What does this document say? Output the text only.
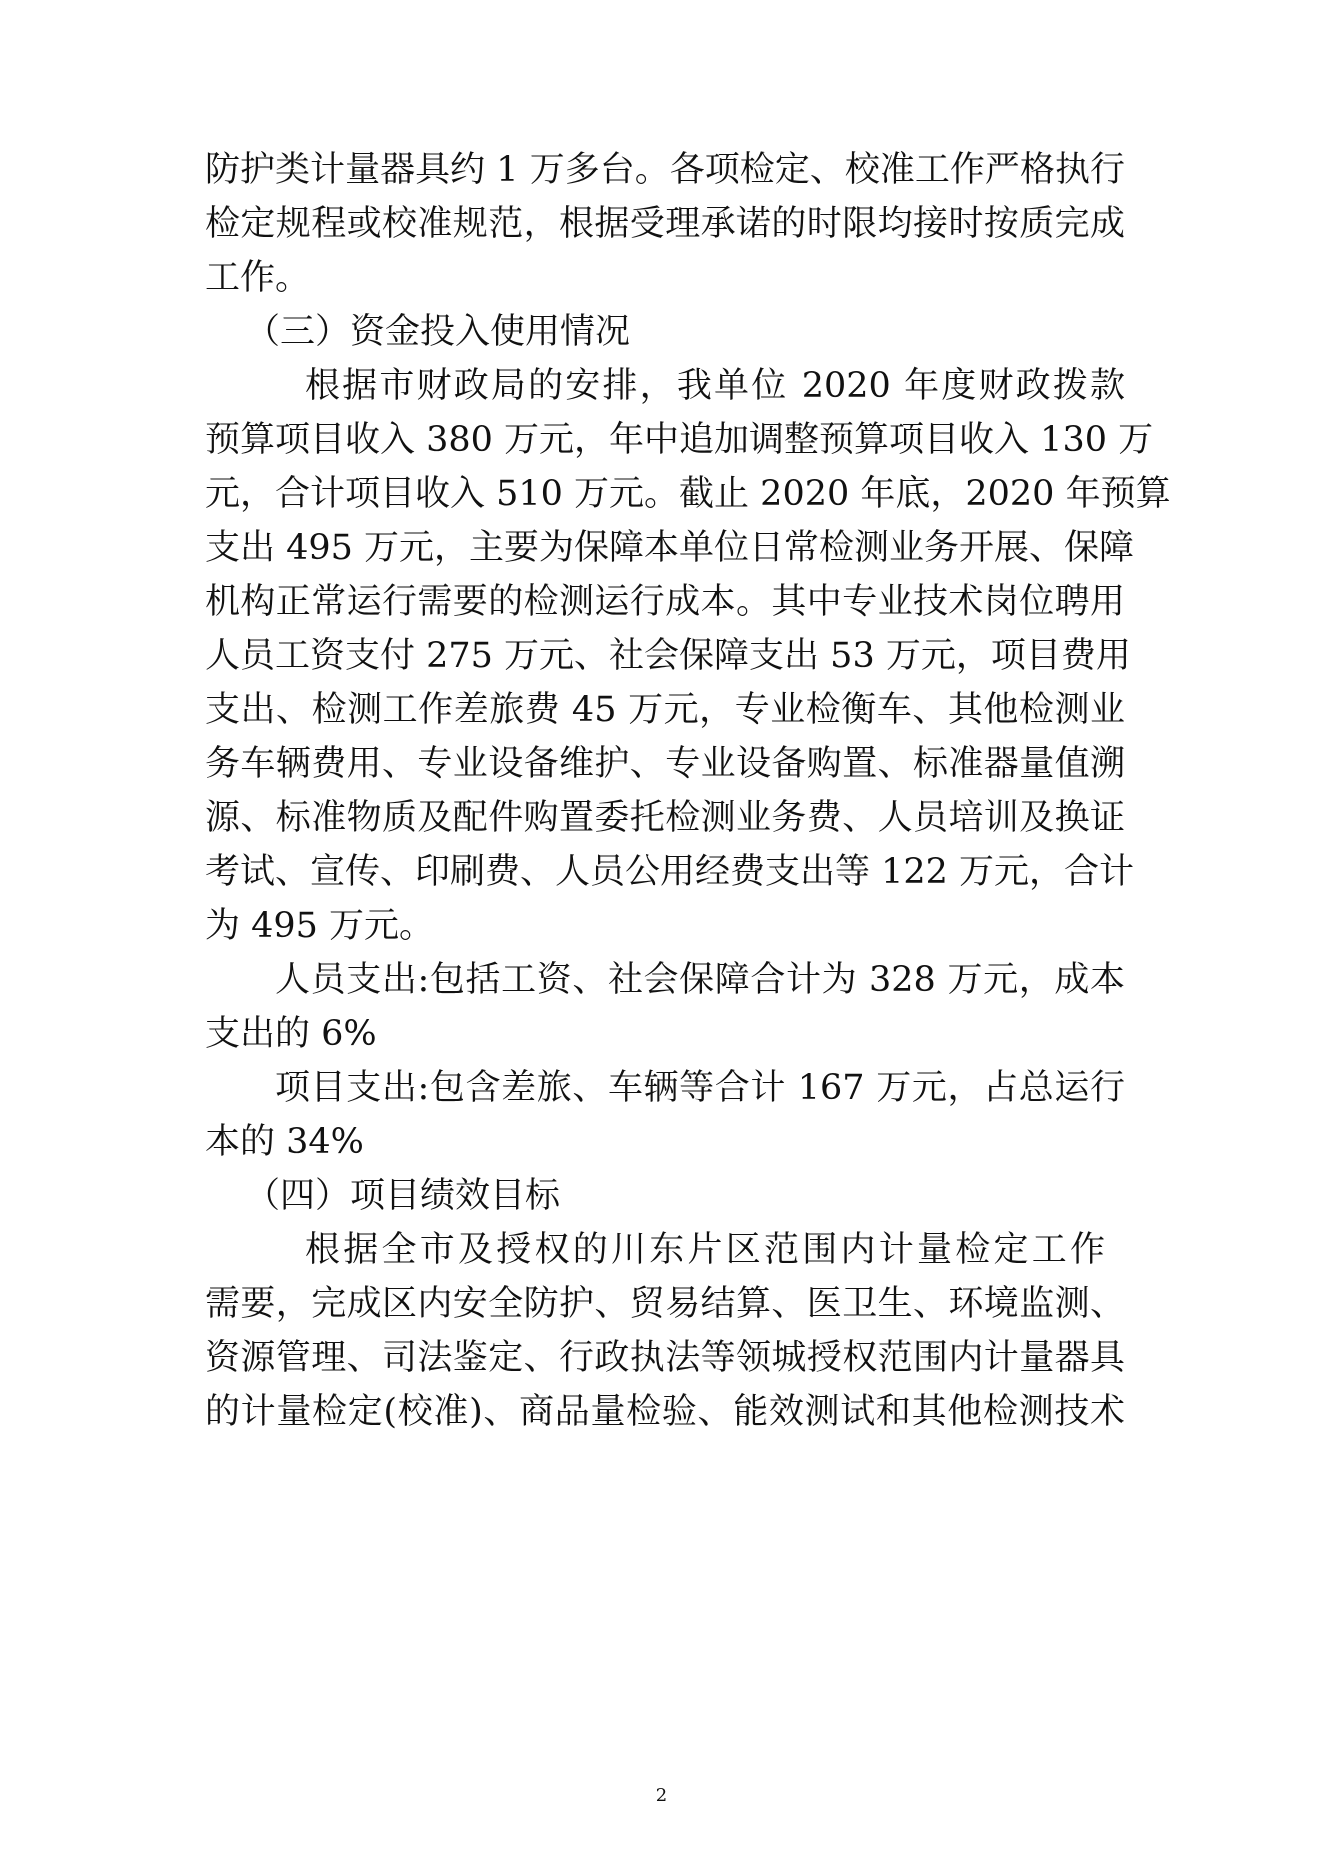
防护类计量器具约 1 万多台。各项检定、校准工作严格执行
检定规程或校准规范，根据受理承诺的时限均接时按质完成
工作。
（三）资金投入使用情况
根据市财政局的安排，我单位 2020 年度财政拨款
预算项目收入 380 万元，年中追加调整预算项目收入 130 万
元，合计项目收入 510 万元。截止 2020 年底，2020 年预算
支出 495 万元，主要为保障本单位日常检测业务开展、保障
机构正常运行需要的检测运行成本。其中专业技术岗位聘用
人员工资支付 275 万元、社会保障支出 53 万元，项目费用
支出、检测工作差旅费 45 万元，专业检衡车、其他检测业
务车辆费用、专业设备维护、专业设备购置、标准器量值溯
源、标准物质及配件购置委托检测业务费、人员培训及换证
考试、宣传、印刷费、人员公用经费支出等 122 万元，合计
为 495 万元。
人员支出:包括工资、社会保障合计为 328 万元，成本
支出的 6%
项目支出:包含差旅、车辆等合计 167 万元，占总运行
本的 34%
（四）项目绩效目标
根据全市及授权的川东片区范围内计量检定工作
需要，完成区内安全防护、贸易结算、医卫生、环境监测、
资源管理、司法鉴定、行政执法等领城授权范围内计量器具
的计量检定(校准)、商品量检验、能效测试和其他检测技术
2
